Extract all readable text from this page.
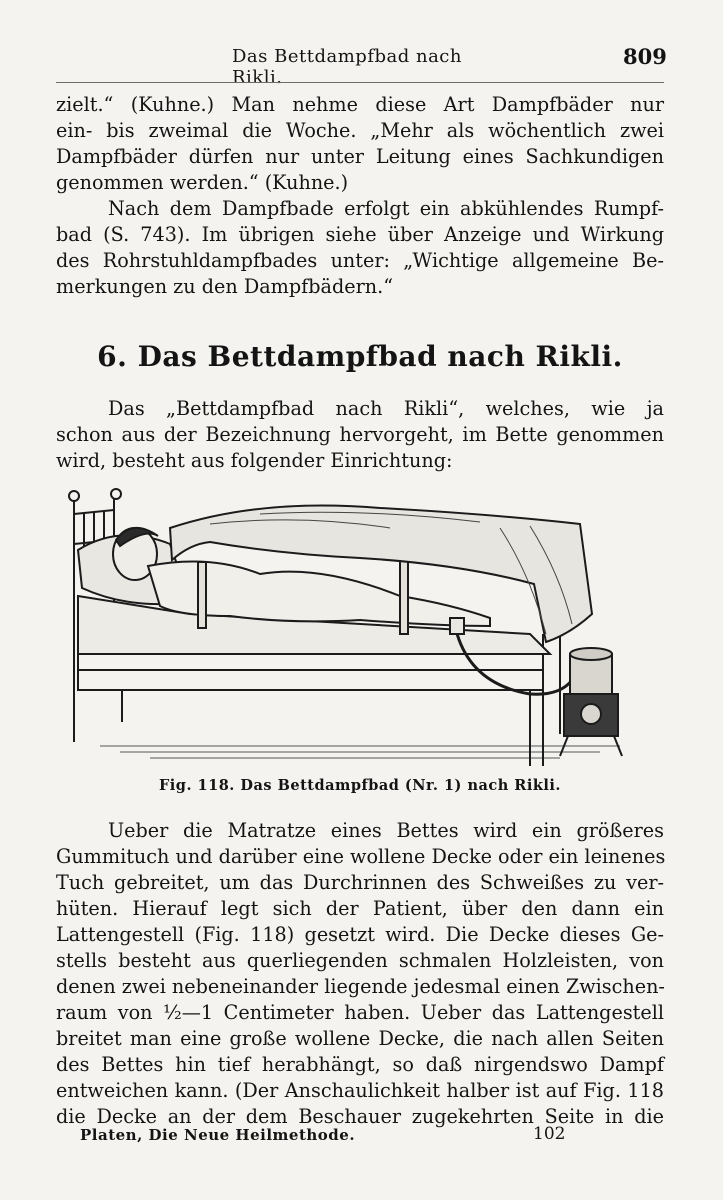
Das Bettdampfbad nach Rikli.
809
zielt.“ (Kuhne.) Man nehme diese Art Dampfbäder nur
ein- bis zweimal die Woche. „Mehr als wöchentlich zwei
Dampfbäder dürfen nur unter Leitung eines Sachkundigen
genommen werden.“ (Kuhne.)
Nach dem Dampfbade erfolgt ein abkühlendes Rumpf-
bad (S. 743). Im übrigen siehe über Anzeige und Wirkung
des Rohrstuhldampfbades unter: „Wichtige allgemeine Be-
merkungen zu den Dampfbädern.“
6. Das Bettdampfbad nach Rikli.
Das „Bettdampfbad nach Rikli“, welches, wie ja
schon aus der Bezeichnung hervorgeht, im Bette genommen
wird, besteht aus folgender Einrichtung:
Fig. 118. Das Bettdampfbad (Nr. 1) nach Rikli.
Ueber die Matratze eines Bettes wird ein größeres
Gummituch und darüber eine wollene Decke oder ein leinenes
Tuch gebreitet, um das Durchrinnen des Schweißes zu ver-
hüten. Hierauf legt sich der Patient, über den dann ein
Lattengestell (Fig. 118) gesetzt wird. Die Decke dieses Ge-
stells besteht aus querliegenden schmalen Holzleisten, von
denen zwei nebeneinander liegende jedesmal einen Zwischen-
raum von ½—1 Centimeter haben. Ueber das Lattengestell
breitet man eine große wollene Decke, die nach allen Seiten
des Bettes hin tief herabhängt, so daß nirgendswo Dampf
entweichen kann. (Der Anschaulichkeit halber ist auf Fig. 118
die Decke an der dem Beschauer zugekehrten Seite in die
Platen, Die Neue Heilmethode.	102
